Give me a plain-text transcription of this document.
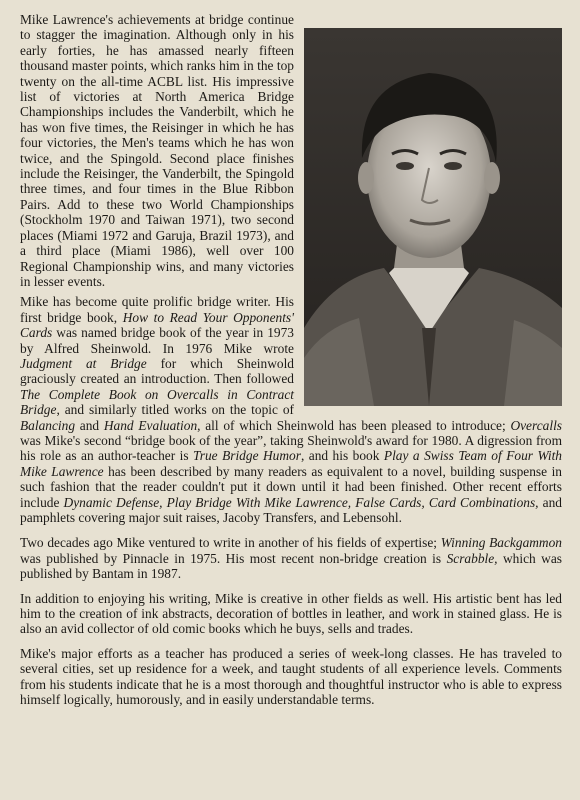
Mike Lawrence's achievements at bridge continue to stagger the imagination. Although only in his early forties, he has amassed nearly fifteen thousand master points, which ranks him in the top twenty on the all-time ACBL list. His impressive list of victories at North America Bridge Championships includes the Vanderbilt, which he has won five times, the Reisinger in which he has four victories, the Men's teams which he has won twice, and the Spingold. Second place finishes include the Reisinger, the Vanderbilt, the Spingold three times, and four times in the Blue Ribbon Pairs. Add to these two World Championships (Stockholm 1970 and Taiwan 1971), two second places (Miami 1972 and Garuja, Brazil 1973), and a third place (Miami 1986), well over 100 Regional Championship wins, and many victories in lesser events.

Mike has become quite prolific bridge writer. His first bridge book, How to Read Your Opponents' Cards was named bridge book of the year in 1973 by Alfred Sheinwold. In 1976 Mike wrote Judgment at Bridge for which Sheinwold graciously created an introduction. Then followed The Complete Book on Overcalls in Contract Bridge, and similarly titled works on the topic of Balancing and Hand Evaluation, all of which Sheinwold has been pleased to introduce; Overcalls was Mike's second “bridge book of the year”, taking Sheinwold's award for 1980. A digression from his role as an author-teacher is True Bridge Humor, and his book Play a Swiss Team of Four With Mike Lawrence has been described by many readers as equivalent to a novel, building suspense in such fashion that the reader couldn't put it down until it had been finished. Other recent efforts include Dynamic Defense, Play Bridge With Mike Lawrence, False Cards, Card Combinations, and pamphlets covering major suit raises, Jacoby Transfers, and Lebensohl.

Two decades ago Mike ventured to write in another of his fields of expertise; Winning Backgammon was published by Pinnacle in 1975. His most recent non-bridge creation is Scrabble, which was published by Bantam in 1987.

In addition to enjoying his writing, Mike is creative in other fields as well. His artistic bent has led him to the creation of ink abstracts, decoration of bottles in leather, and work in stained glass. He is also an avid collector of old comic books which he buys, sells and trades.

Mike's major efforts as a teacher has produced a series of week-long classes. He has traveled to several cities, set up residence for a week, and taught students of all experience levels. Comments from his students indicate that he is a most thorough and thoughtful instructor who is able to express himself logically, humorously, and in easily understandable terms.
